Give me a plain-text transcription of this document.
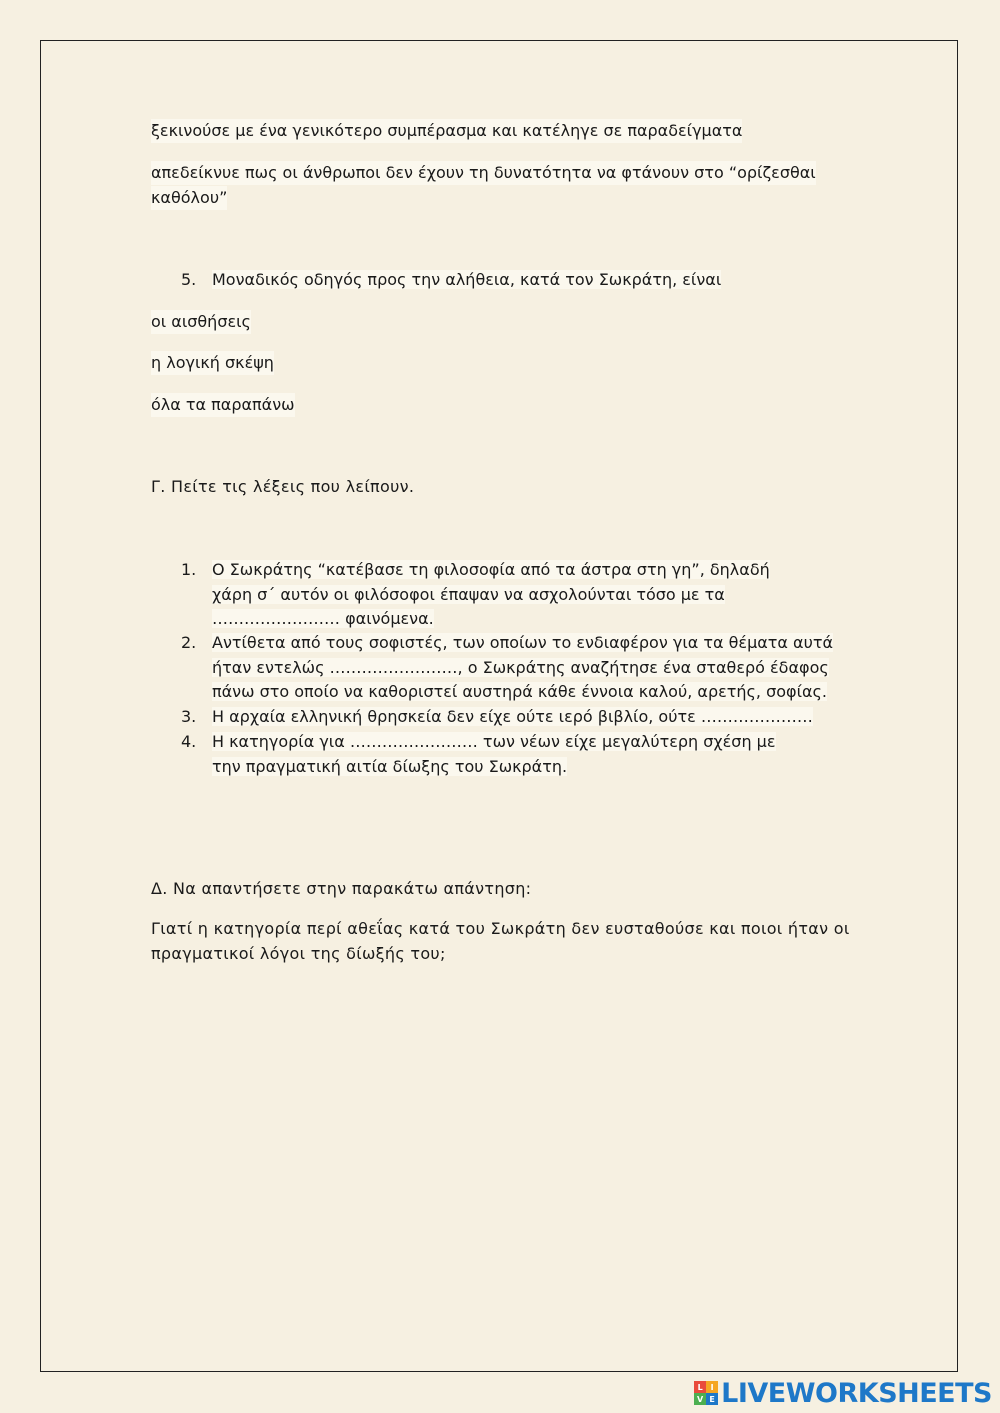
ξεκινούσε με ένα γενικότερο συμπέρασμα και κατέληγε σε παραδείγματα
απεδείκνυε πως οι άνθρωποι δεν έχουν τη δυνατότητα να φτάνουν στο “ορίζεσθαι
καθόλου”
5. Μοναδικός οδηγός προς την αλήθεια, κατά τον Σωκράτη, είναι
οι αισθήσεις
η λογική σκέψη
όλα τα παραπάνω
Γ. Πείτε τις λέξεις που λείπουν.
1. Ο Σωκράτης “κατέβασε τη φιλοσοφία από τα άστρα στη γη”, δηλαδή χάρη σ΄ αυτόν οι φιλόσοφοι έπαψαν να ασχολούνται τόσο με τα …………………… φαινόμενα.
2. Αντίθετα από τους σοφιστές, των οποίων το ενδιαφέρον για τα θέματα αυτά ήταν εντελώς ……………………, ο Σωκράτης αναζήτησε ένα σταθερό έδαφος πάνω στο οποίο να καθοριστεί αυστηρά κάθε έννοια καλού, αρετής, σοφίας.
3. Η αρχαία ελληνική θρησκεία δεν είχε ούτε ιερό βιβλίο, ούτε …………………
4. Η κατηγορία για …………………… των νέων είχε μεγαλύτερη σχέση με την πραγματική αιτία δίωξης του Σωκράτη.
Δ. Να απαντήσετε στην παρακάτω απάντηση:
Γιατί η κατηγορία περί αθεΐας κατά του Σωκράτη δεν ευσταθούσε και ποιοι ήταν οι πραγματικοί λόγοι της δίωξής του;
L I
V E LIVEWORKSHEETS
